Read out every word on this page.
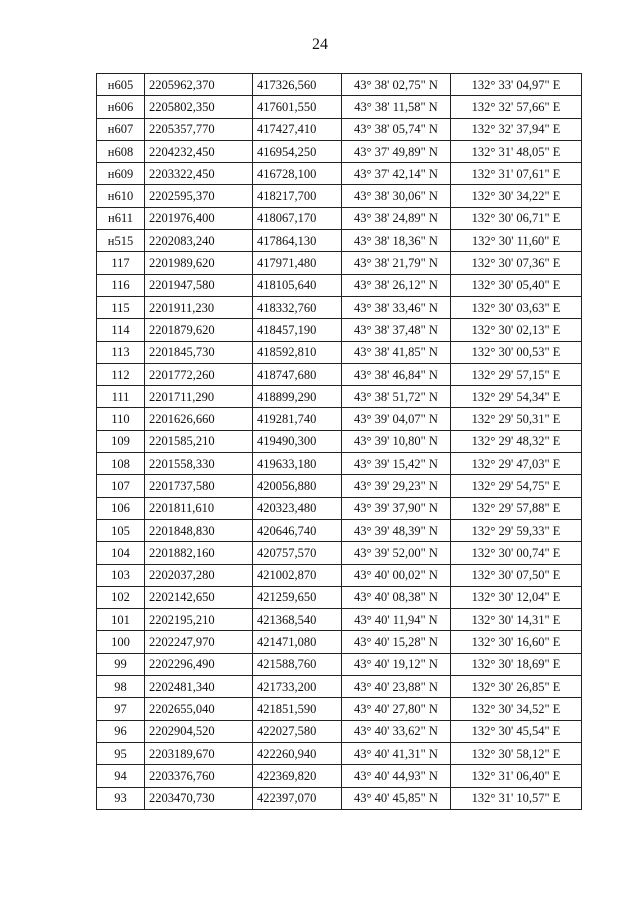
24
н605	2205962,370	417326,560	43° 38' 02,75" N	132° 33' 04,97" E
н606	2205802,350	417601,550	43° 38' 11,58" N	132° 32' 57,66" E
н607	2205357,770	417427,410	43° 38' 05,74" N	132° 32' 37,94" E
н608	2204232,450	416954,250	43° 37' 49,89" N	132° 31' 48,05" E
н609	2203322,450	416728,100	43° 37' 42,14" N	132° 31' 07,61" E
н610	2202595,370	418217,700	43° 38' 30,06" N	132° 30' 34,22" E
н611	2201976,400	418067,170	43° 38' 24,89" N	132° 30' 06,71" E
н515	2202083,240	417864,130	43° 38' 18,36" N	132° 30' 11,60" E
117	2201989,620	417971,480	43° 38' 21,79" N	132° 30' 07,36" E
116	2201947,580	418105,640	43° 38' 26,12" N	132° 30' 05,40" E
115	2201911,230	418332,760	43° 38' 33,46" N	132° 30' 03,63" E
114	2201879,620	418457,190	43° 38' 37,48" N	132° 30' 02,13" E
113	2201845,730	418592,810	43° 38' 41,85" N	132° 30' 00,53" E
112	2201772,260	418747,680	43° 38' 46,84" N	132° 29' 57,15" E
111	2201711,290	418899,290	43° 38' 51,72" N	132° 29' 54,34" E
110	2201626,660	419281,740	43° 39' 04,07" N	132° 29' 50,31" E
109	2201585,210	419490,300	43° 39' 10,80" N	132° 29' 48,32" E
108	2201558,330	419633,180	43° 39' 15,42" N	132° 29' 47,03" E
107	2201737,580	420056,880	43° 39' 29,23" N	132° 29' 54,75" E
106	2201811,610	420323,480	43° 39' 37,90" N	132° 29' 57,88" E
105	2201848,830	420646,740	43° 39' 48,39" N	132° 29' 59,33" E
104	2201882,160	420757,570	43° 39' 52,00" N	132° 30' 00,74" E
103	2202037,280	421002,870	43° 40' 00,02" N	132° 30' 07,50" E
102	2202142,650	421259,650	43° 40' 08,38" N	132° 30' 12,04" E
101	2202195,210	421368,540	43° 40' 11,94" N	132° 30' 14,31" E
100	2202247,970	421471,080	43° 40' 15,28" N	132° 30' 16,60" E
99	2202296,490	421588,760	43° 40' 19,12" N	132° 30' 18,69" E
98	2202481,340	421733,200	43° 40' 23,88" N	132° 30' 26,85" E
97	2202655,040	421851,590	43° 40' 27,80" N	132° 30' 34,52" E
96	2202904,520	422027,580	43° 40' 33,62" N	132° 30' 45,54" E
95	2203189,670	422260,940	43° 40' 41,31" N	132° 30' 58,12" E
94	2203376,760	422369,820	43° 40' 44,93" N	132° 31' 06,40" E
93	2203470,730	422397,070	43° 40' 45,85" N	132° 31' 10,57" E
